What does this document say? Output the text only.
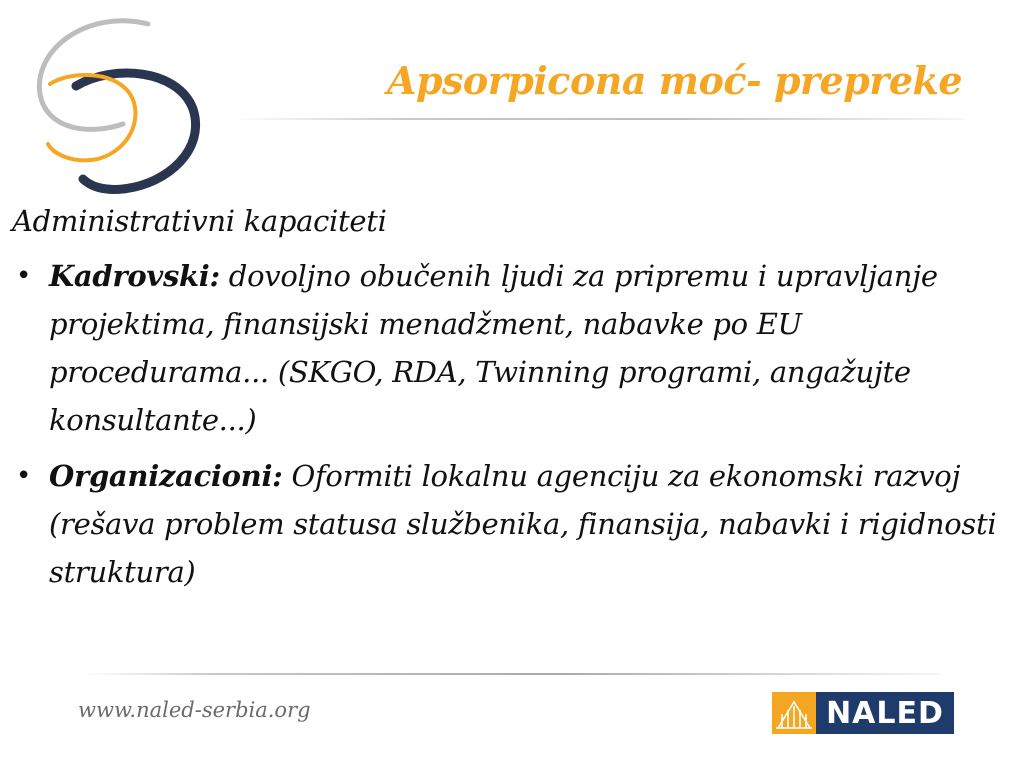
Apsorpicona moć- prepreke
Administrativni kapaciteti
• Kadrovski: dovoljno obučenih ljudi za pripremu i upravljanje projektima, finansijski menadžment, nabavke po EU procedurama... (SKGO, RDA, Twinning programi, angažujte konsultante...)
• Organizacioni: Oformiti lokalnu agenciju za ekonomski razvoj (rešava problem statusa službenika, finansija, nabavki i rigidnosti struktura)
www.naled-serbia.org	NALED
